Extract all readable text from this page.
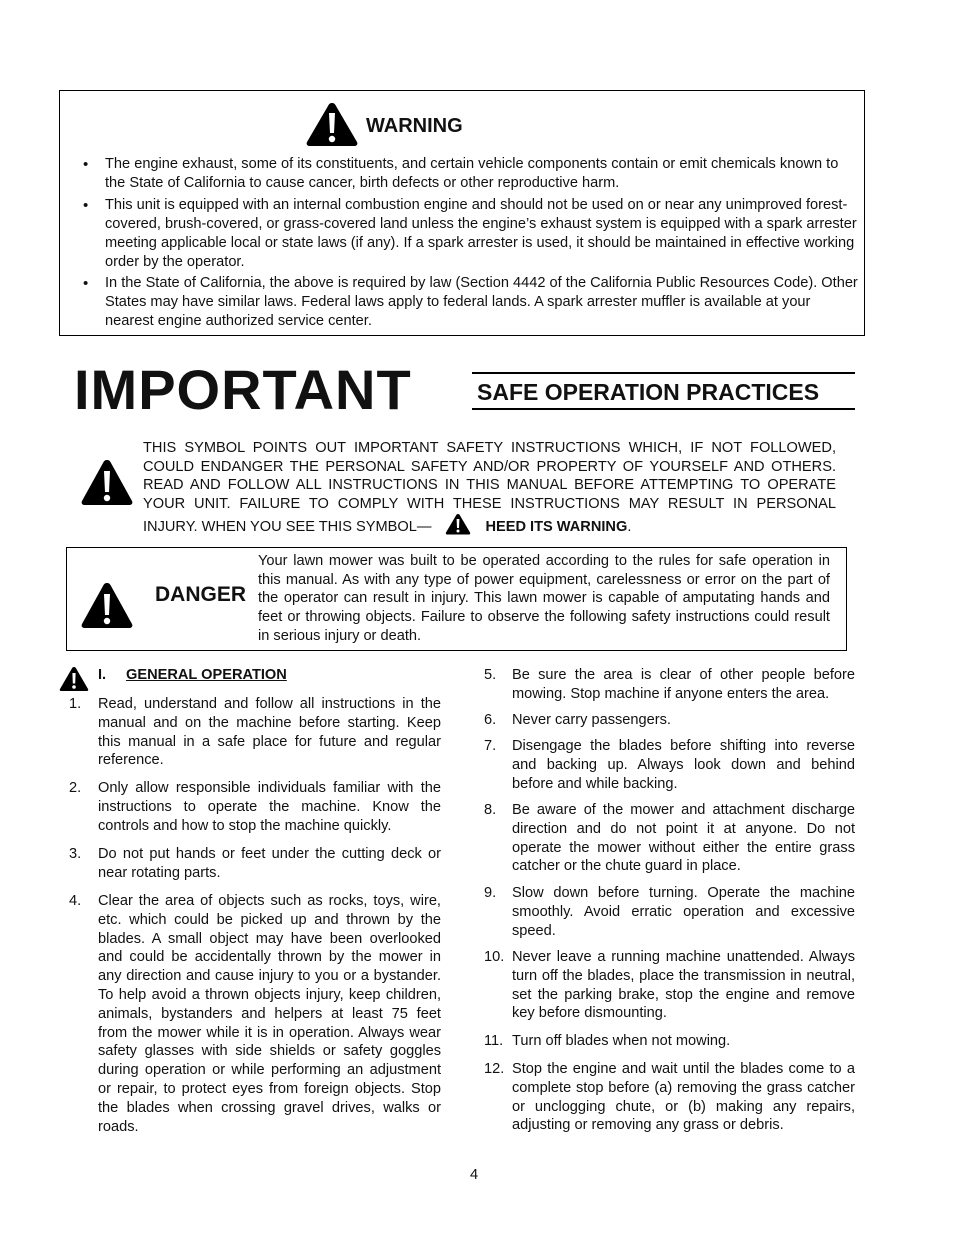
WARNING
• The engine exhaust, some of its constituents, and certain vehicle components contain or emit chemicals known to the State of California to cause cancer, birth defects or other reproductive harm.
• This unit is equipped with an internal combustion engine and should not be used on or near any unimproved forest-covered, brush-covered, or grass-covered land unless the engine’s exhaust system is equipped with a spark arrester meeting applicable local or state laws (if any). If a spark arrester is used, it should be maintained in effective working order by the operator.
• In the State of California, the above is required by law (Section 4442 of the California Public Resources Code). Other States may have similar laws. Federal laws apply to federal lands. A spark arrester muffler is available at your nearest engine authorized service center.
IMPORTANT	SAFE OPERATION PRACTICES
THIS SYMBOL POINTS OUT IMPORTANT SAFETY INSTRUCTIONS WHICH, IF NOT FOLLOWED, COULD ENDANGER THE PERSONAL SAFETY AND/OR PROPERTY OF YOURSELF AND OTHERS. READ AND FOLLOW ALL INSTRUCTIONS IN THIS MANUAL BEFORE ATTEMPTING TO OPERATE YOUR UNIT. FAILURE TO COMPLY WITH THESE INSTRUCTIONS MAY RESULT IN PERSONAL INJURY. WHEN YOU SEE THIS SYMBOL—	HEED ITS WARNING.
DANGER
Your lawn mower was built to be operated according to the rules for safe operation in this manual. As with any type of power equipment, carelessness or error on the part of the operator can result in injury. This lawn mower is capable of amputating hands and feet or throwing objects. Failure to observe the following safety instructions could result in serious injury or death.
I. GENERAL OPERATION
1. Read, understand and follow all instructions in the manual and on the machine before starting. Keep this manual in a safe place for future and regular reference.
2. Only allow responsible individuals familiar with the instructions to operate the machine. Know the controls and how to stop the machine quickly.
3. Do not put hands or feet under the cutting deck or near rotating parts.
4. Clear the area of objects such as rocks, toys, wire, etc. which could be picked up and thrown by the blades. A small object may have been overlooked and could be accidentally thrown by the mower in any direction and cause injury to you or a bystander. To help avoid a thrown objects injury, keep children, animals, bystanders and helpers at least 75 feet from the mower while it is in operation. Always wear safety glasses with side shields or safety goggles during operation or while performing an adjustment or repair, to protect eyes from foreign objects. Stop the blades when crossing gravel drives, walks or roads.
5. Be sure the area is clear of other people before mowing. Stop machine if anyone enters the area.
6. Never carry passengers.
7. Disengage the blades before shifting into reverse and backing up. Always look down and behind before and while backing.
8. Be aware of the mower and attachment discharge direction and do not point it at anyone. Do not operate the mower without either the entire grass catcher or the chute guard in place.
9. Slow down before turning. Operate the machine smoothly. Avoid erratic operation and excessive speed.
10. Never leave a running machine unattended. Always turn off the blades, place the transmission in neutral, set the parking brake, stop the engine and remove key before dismounting.
11. Turn off blades when not mowing.
12. Stop the engine and wait until the blades come to a complete stop before (a) removing the grass catcher or unclogging chute, or (b) making any repairs, adjusting or removing any grass or debris.
4
